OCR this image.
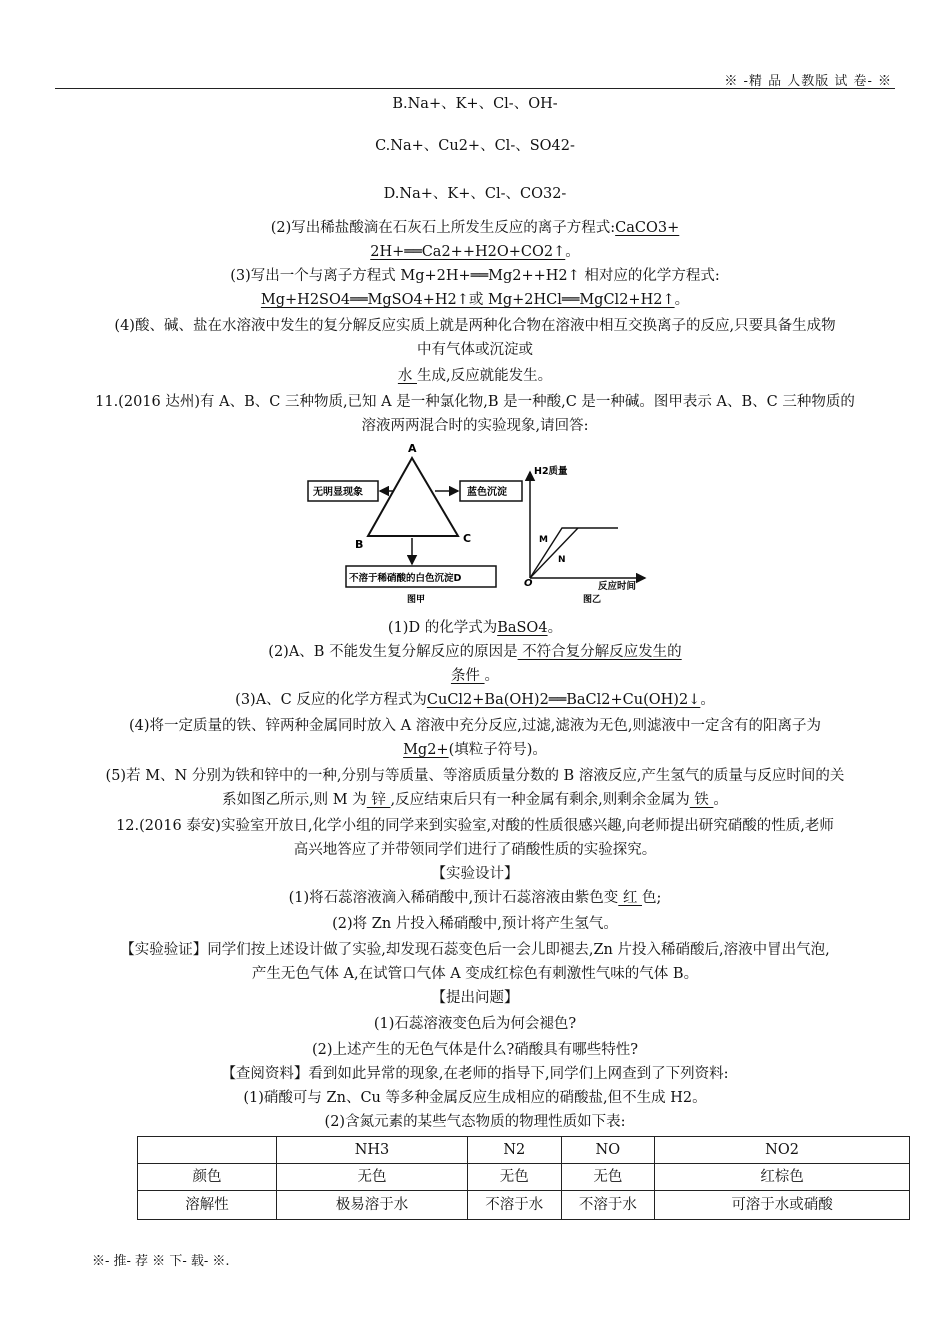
※ -精 品 人教版 试 卷- ※
B.Na+、K+、Cl-、OH-
C.Na+、Cu2+、Cl-、SO42-
D.Na+、K+、Cl-、CO32-
(2)写出稀盐酸滴在石灰石上所发生反应的离子方程式:CaCO3+
2H+══Ca2++H2O+CO2↑。
(3)写出一个与离子方程式 Mg+2H+══Mg2++H2↑ 相对应的化学方程式:
Mg+H2SO4══MgSO4+H2↑或 Mg+2HCl══MgCl2+H2↑。
(4)酸、碱、盐在水溶液中发生的复分解反应实质上就是两种化合物在溶液中相互交换离子的反应,只要具备生成物
中有气体或沉淀或
水 生成,反应就能发生。
11.(2016 达州)有 A、B、C 三种物质,已知 A 是一种氯化物,B 是一种酸,C 是一种碱。图甲表示 A、B、C 三种物质的
溶液两两混合时的实验现象,请回答:
A
B	C
无明显现象	蓝色沉淀
不溶于稀硝酸的白色沉淀D
图甲
H2质量
反应时间
O
M
N
图乙
(1)D 的化学式为BaSO4。
(2)A、B 不能发生复分解反应的原因是 不符合复分解反应发生的
条件 。
(3)A、C 反应的化学方程式为CuCl2+Ba(OH)2══BaCl2+Cu(OH)2↓。
(4)将一定质量的铁、锌两种金属同时放入 A 溶液中充分反应,过滤,滤液为无色,则滤液中一定含有的阳离子为
Mg2+(填粒子符号)。
(5)若 M、N 分别为铁和锌中的一种,分别与等质量、等溶质质量分数的 B 溶液反应,产生氢气的质量与反应时间的关
系如图乙所示,则 M 为 锌 ,反应结束后只有一种金属有剩余,则剩余金属为 铁 。
12.(2016 泰安)实验室开放日,化学小组的同学来到实验室,对酸的性质很感兴趣,向老师提出研究硝酸的性质,老师
高兴地答应了并带领同学们进行了硝酸性质的实验探究。
【实验设计】
(1)将石蕊溶液滴入稀硝酸中,预计石蕊溶液由紫色变 红 色;
(2)将 Zn 片投入稀硝酸中,预计将产生氢气。
【实验验证】同学们按上述设计做了实验,却发现石蕊变色后一会儿即褪去,Zn 片投入稀硝酸后,溶液中冒出气泡,
产生无色气体 A,在试管口气体 A 变成红棕色有刺激性气味的气体 B。
【提出问题】
(1)石蕊溶液变色后为何会褪色?
(2)上述产生的无色气体是什么?硝酸具有哪些特性?
【查阅资料】看到如此异常的现象,在老师的指导下,同学们上网查到了下列资料:
(1)硝酸可与 Zn、Cu 等多种金属反应生成相应的硝酸盐,但不生成 H2。
(2)含氮元素的某些气态物质的物理性质如下表:
	NH3	N2	NO	NO2
颜色	无色	无色	无色	红棕色
溶解性	极易溶于水	不溶于水	不溶于水	可溶于水或硝酸
※- 推- 荐 ※ 下- 载- ※.
